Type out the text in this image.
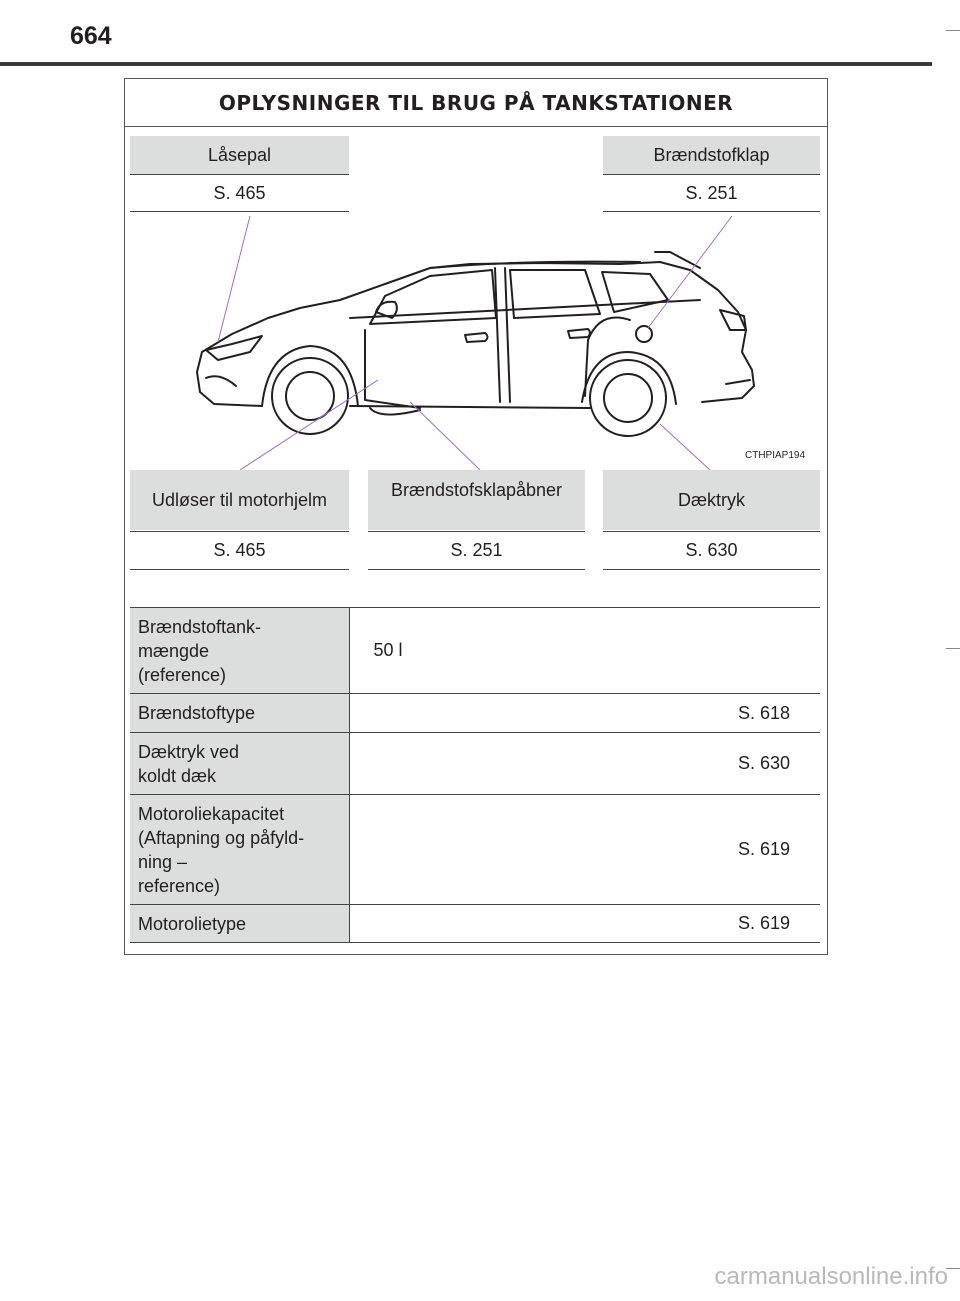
664
OPLYSNINGER TIL BRUG PÅ TANKSTATIONER
Låsepal
S. 465
Brændstofklap
S. 251
CTHPIAP194
Udløser til motorhjelm
S. 465
Brændstofsklapåbner
S. 251
Dæktryk
S. 630
Brændstoftank-
mængde
(reference)	50 l
Brændstoftype	S. 618
Dæktryk ved
koldt dæk	S. 630
Motoroliekapacitet
(Aftapning og påfyld-
ning –
reference)	S. 619
Motorolietype	S. 619
carmanualsonline.info
